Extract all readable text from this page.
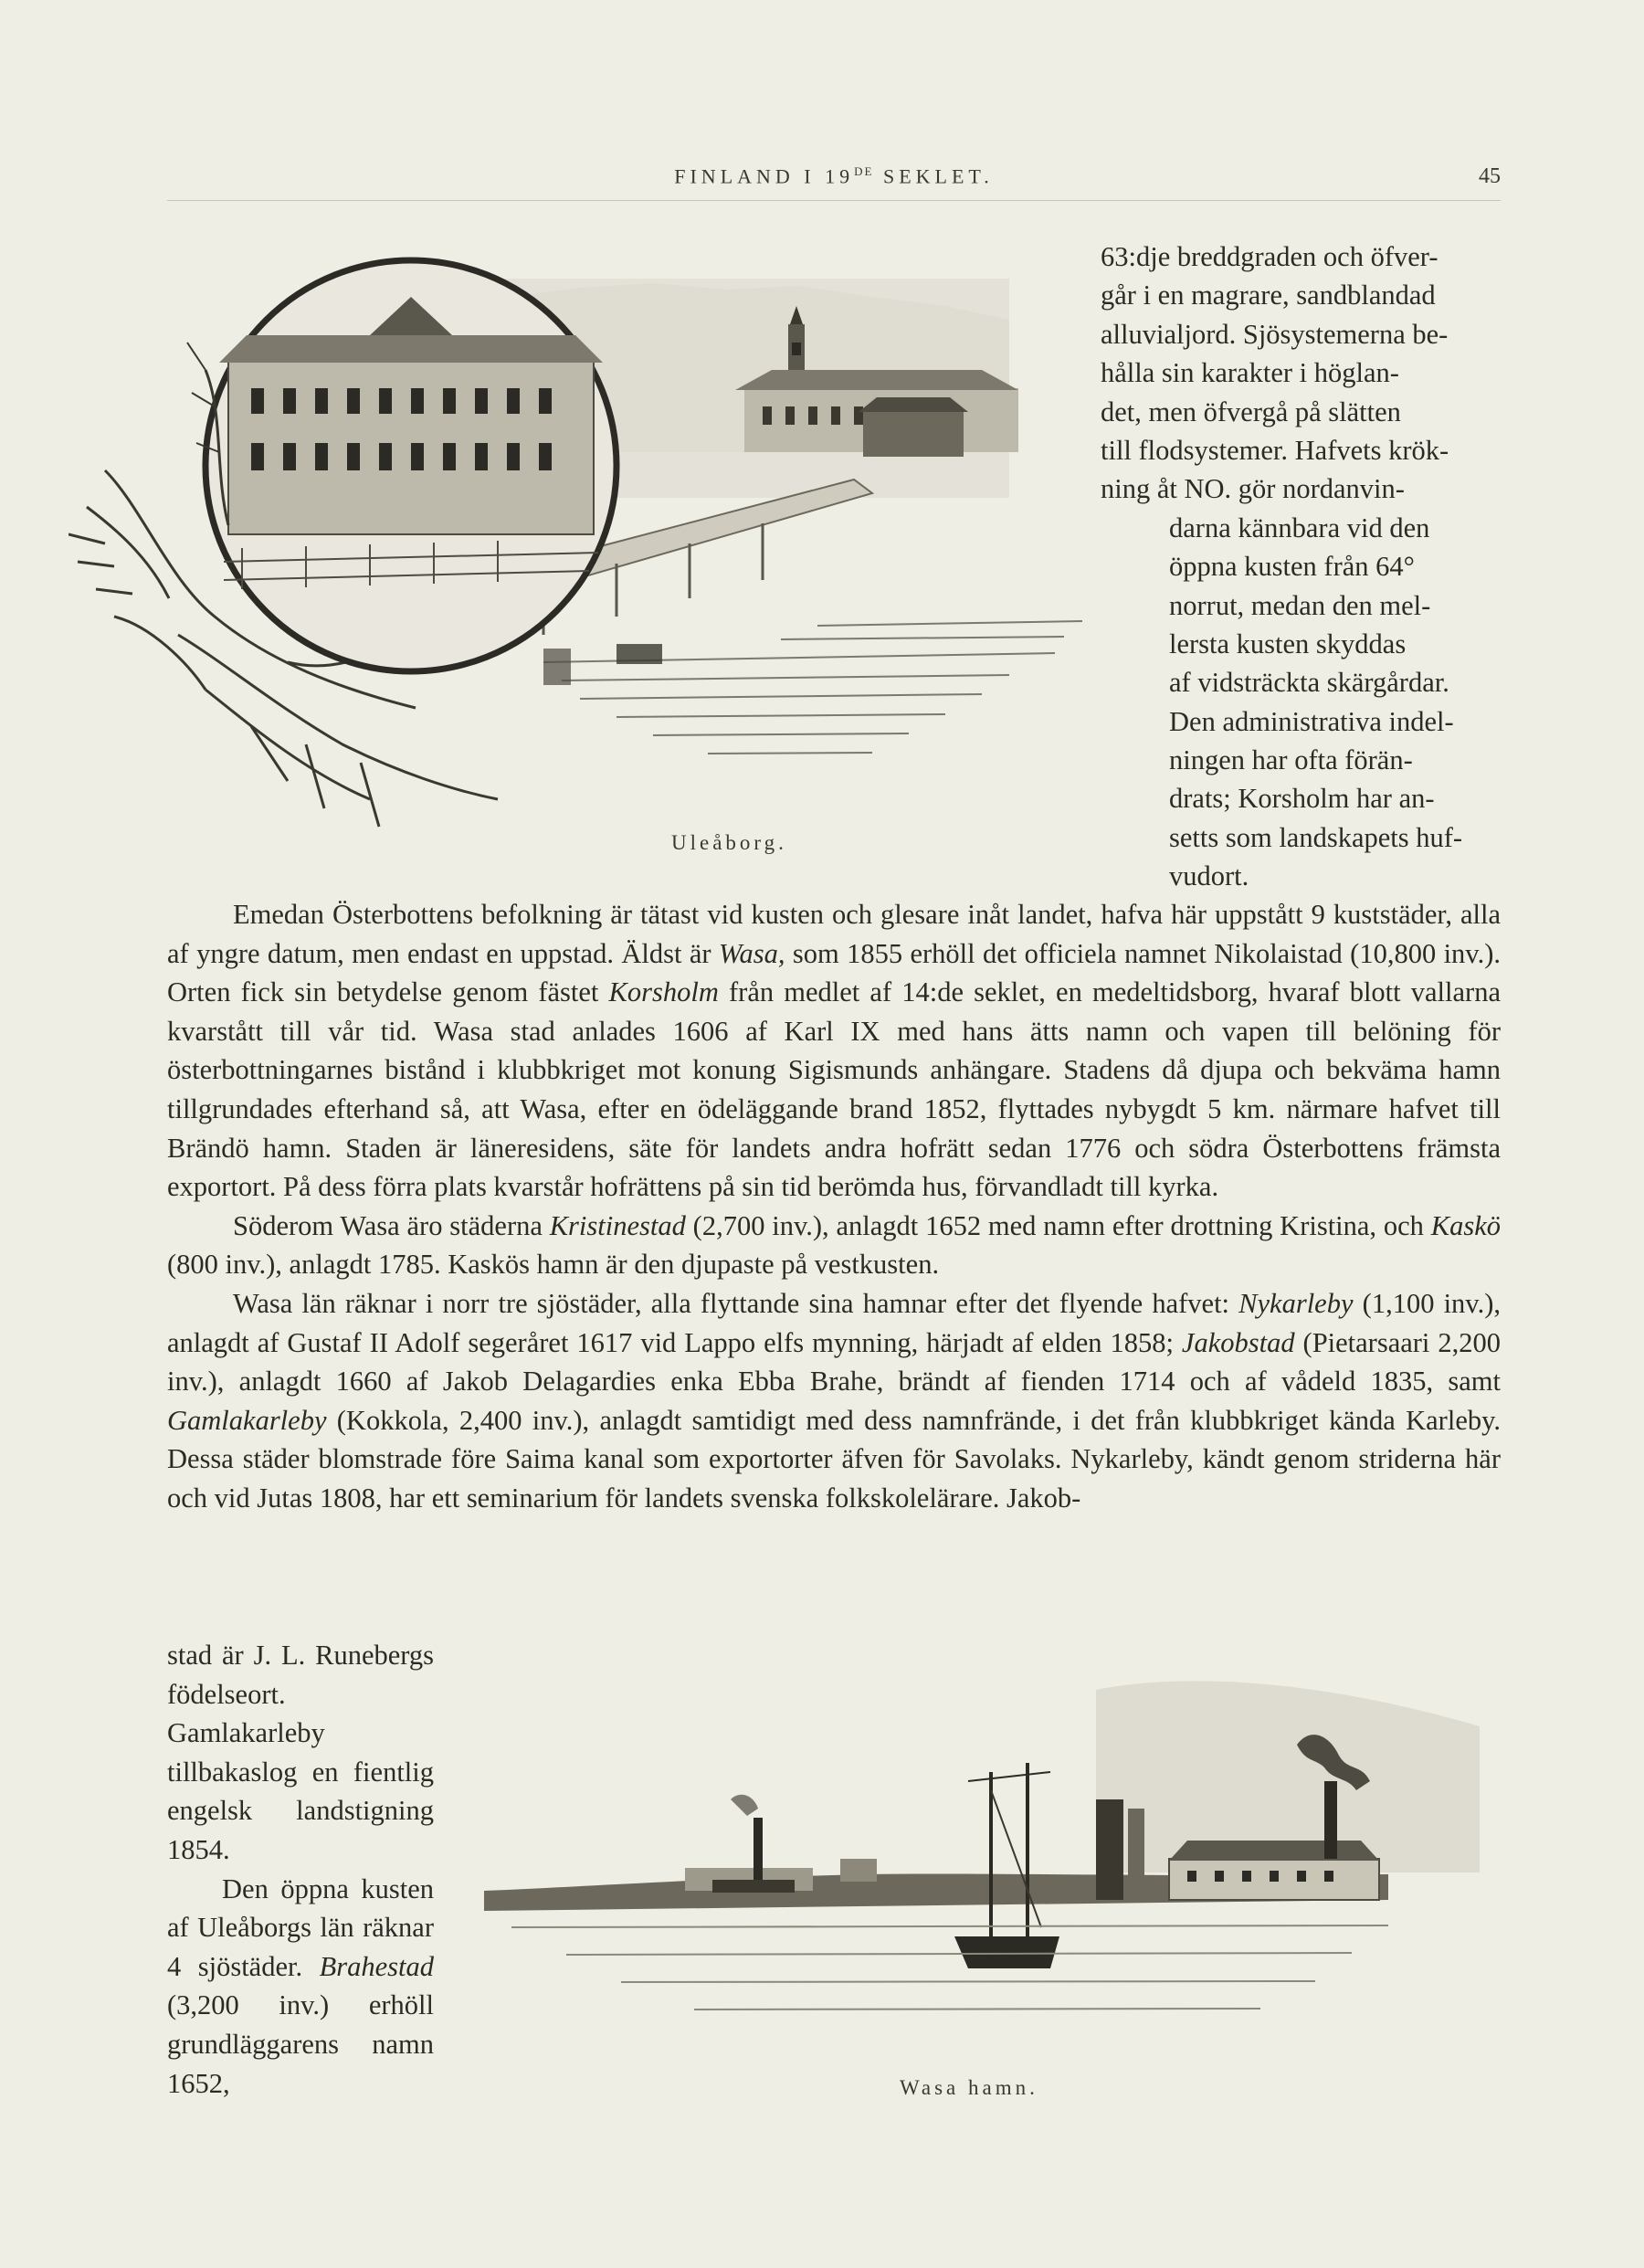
FINLAND I 19DE SEKLET.	45
Uleåborg.
63:dje breddgraden och öfver-
går i en magrare, sandblandad
alluvialjord. Sjösystemerna be-
hålla sin karakter i höglan-
det, men öfvergå på slätten
till flodsystemer. Hafvets krök-
ning åt NO. gör nordanvin-
darna kännbara vid den
öppna kusten från 64°
norrut, medan den mel-
lersta kusten skyddas
af vidsträckta skärgårdar.
Den administrativa indel-
ningen har ofta förän-
drats; Korsholm har an-
setts som landskapets huf-
vudort.

Emedan Österbottens befolkning är tätast vid kusten och glesare inåt landet, hafva här uppstått 9 kuststäder, alla af yngre datum, men endast en uppstad. Äldst är Wasa, som 1855 erhöll det officiela namnet Nikolaistad (10,800 inv.). Orten fick sin betydelse genom fästet Korsholm från medlet af 14:de seklet, en medeltidsborg, hvaraf blott vallarna kvarstått till vår tid. Wasa stad anlades 1606 af Karl IX med hans ätts namn och vapen till belöning för österbottningarnes bistånd i klubbkriget mot konung Sigismunds anhängare. Stadens då djupa och bekväma hamn tillgrundades efterhand så, att Wasa, efter en ödeläggande brand 1852, flyttades nybygdt 5 km. närmare hafvet till Brändö hamn. Staden är läneresidens, säte för landets andra hofrätt sedan 1776 och södra Österbottens främsta exportort. På dess förra plats kvarstår hofrättens på sin tid berömda hus, förvandladt till kyrka.

Söderom Wasa äro städerna Kristinestad (2,700 inv.), anlagdt 1652 med namn efter drottning Kristina, och Kaskö (800 inv.), anlagdt 1785. Kaskös hamn är den djupaste på vestkusten.

Wasa län räknar i norr tre sjöstäder, alla flyttande sina hamnar efter det flyende hafvet: Nykarleby (1,100 inv.), anlagdt af Gustaf II Adolf segeråret 1617 vid Lappo elfs mynning, härjadt af elden 1858; Jakobstad (Pietarsaari 2,200 inv.), anlagdt 1660 af Jakob Delagardies enka Ebba Brahe, brändt af fienden 1714 och af vådeld 1835, samt Gamlakarleby (Kokkola, 2,400 inv.), anlagdt samtidigt med dess namnfrände, i det från klubbkriget kända Karleby. Dessa städer blomstrade före Saima kanal som exportorter äfven för Savolaks. Nykarleby, kändt genom striderna här och vid Jutas 1808, har ett seminarium för landets svenska folkskolelärare. Jakob-

stad är J. L. Runebergs födelseort. Gamlakarleby tillbakaslog en fientlig engelsk landstigning 1854.

Den öppna kusten af Uleåborgs län räknar 4 sjöstäder. Brahestad (3,200 inv.) erhöll grundläggarens namn 1652,	Wasa hamn.
